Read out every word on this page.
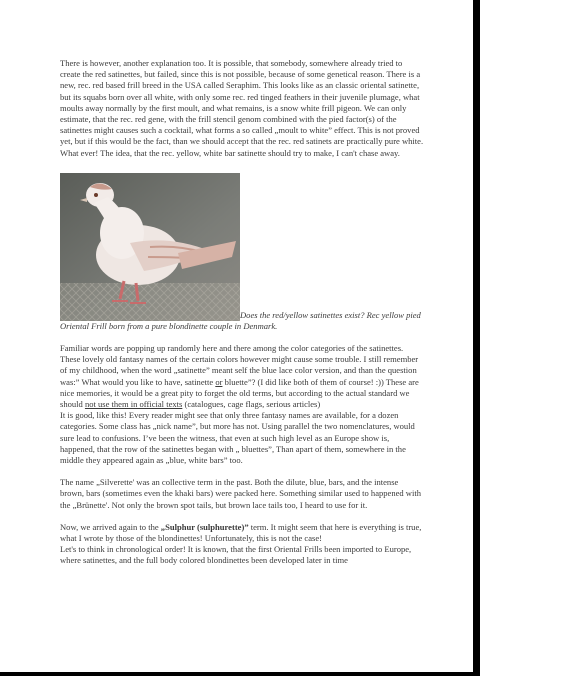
There is however, another explanation too. It is possible, that somebody, somewhere already tried to create the red satinettes, but failed, since this is not possible, because of some genetical reason. There is a new, rec. red based frill breed in the USA called Seraphim. This looks like as an classic oriental satinette, but its squabs born over all white, with only some rec. red tinged feathers in their juvenile plumage, what moults away normally by the first moult, and what remains, is a snow white frill pigeon. We can only estimate, that the rec. red gene, with the frill stencil genom combined with the pied factor(s) of the satinettes might causes such a cocktail, what forms a so called „moult to white” effect. This is not proved yet, but if this would be the fact, than we should accept that the rec. red satinets are practically pure white. What ever! The idea, that the rec. yellow, white bar satinette should try to make, I can't chase away.

Does the red/yellow satinettes exist? Rec yellow pied Oriental Frill born from a pure blondinette couple in Denmark.

Familiar words are popping up randomly here and there among the color categories of the satinettes. These lovely old fantasy names of the certain colors however might cause some trouble. I still remember of my childhood, when the word „satinette” meant self the blue lace color version, and than the question was:” What would you like to have, satinette or bluette”? (I did like both of them of course! :)) These are nice memories, it would be a great pity to forget the old terms, but according to the actual standard we should not use them in official texts (catalogues, cage flags, serious articles)

It is good, like this! Every reader might see that only three fantasy names are available, for a dozen categories. Some class has „nick name”, but more has not. Using parallel the two nomenclatures, would sure lead to confusions. I’ve been the witness, that even at such high level as an Europe show is, happened, that the row of the satinettes began with „ bluettes”, Than apart of them, somewhere in the middle they appeared again as „blue, white bars” too.

The name „Silverette' was an collective term in the past. Both the dilute, blue, bars, and the intense brown, bars (sometimes even the khaki bars) were packed here. Something similar used to happened with the „Brünette'. Not only the brown spot tails, but brown lace tails too, I heard to use for it.

Now, we arrived again to the „Sulphur (sulphurette)” term. It might seem that here is everything is true, what I wrote by those of the blondinettes! Unfortunately, this is not the case!

Let's to think in chronological order! It is known, that the first Oriental Frills been imported to Europe, where satinettes, and the full body colored blondinettes been developed later in time
